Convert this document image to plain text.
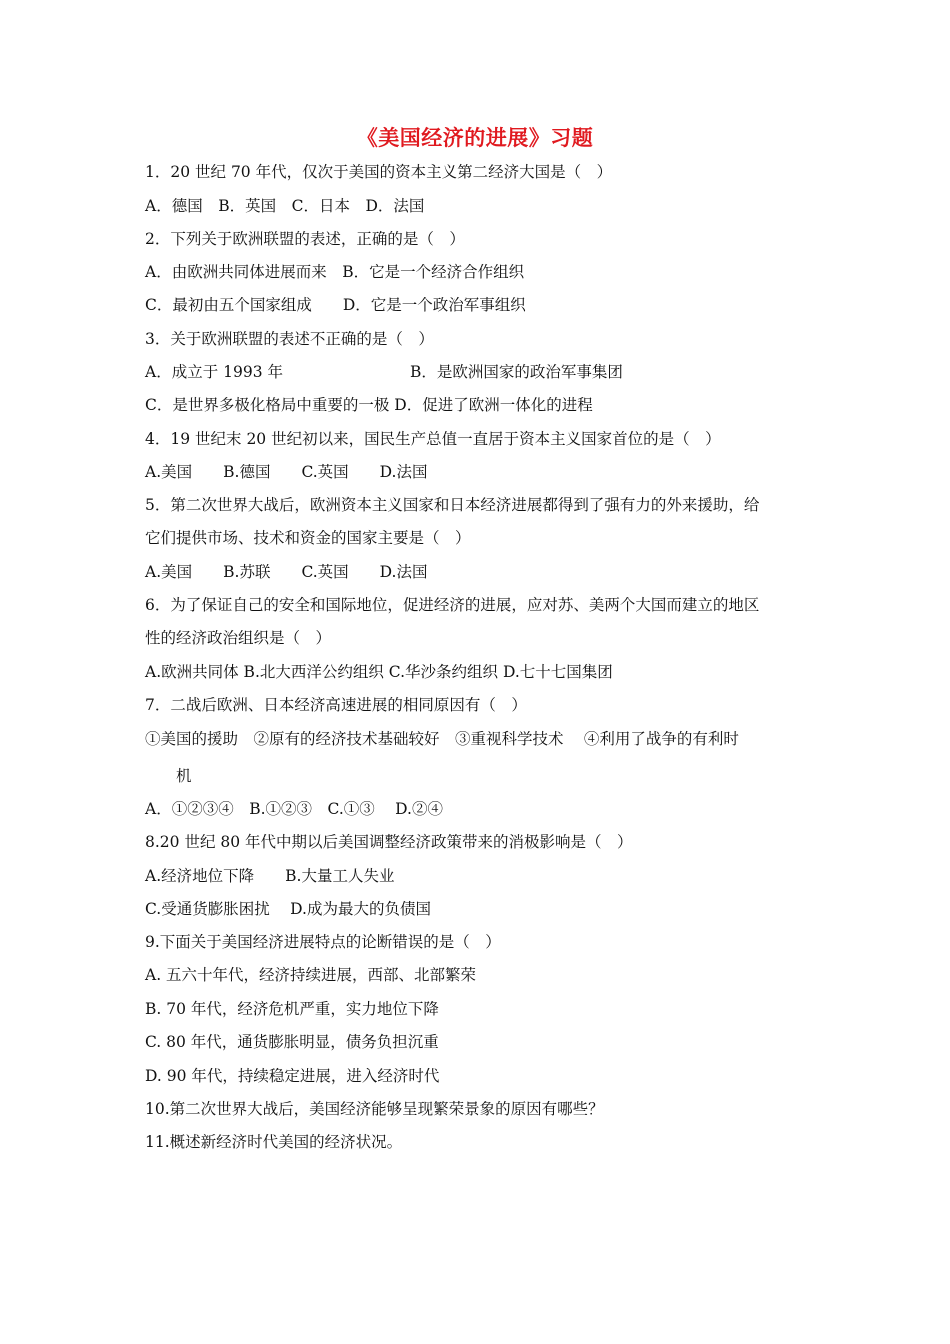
《美国经济的进展》习题
1．20 世纪 70 年代，仅次于美国的资本主义第二经济大国是（　）
A．德国　B．英国　C．日本　D．法国
2．下列关于欧洲联盟的表述，正确的是（　）
A．由欧洲共同体进展而来　B．它是一个经济合作组织
C．最初由五个国家组成　　D．它是一个政治军事组织
3．关于欧洲联盟的表述不正确的是（　）
A．成立于 1993 年	B．是欧洲国家的政治军事集团
C．是世界多极化格局中重要的一极 D．促进了欧洲一体化的进程
4．19 世纪末 20 世纪初以来，国民生产总值一直居于资本主义国家首位的是（　）
A.美国　　B.德国　　C.英国　　D.法国
5．第二次世界大战后，欧洲资本主义国家和日本经济进展都得到了强有力的外来援助，给
它们提供市场、技术和资金的国家主要是（　）
A.美国　　B.苏联　　C.英国　　D.法国
6．为了保证自己的安全和国际地位，促进经济的进展，应对苏、美两个大国而建立的地区
性的经济政治组织是（　）
A.欧洲共同体 B.北大西洋公约组织 C.华沙条约组织 D.七十七国集团
7．二战后欧洲、日本经济高速进展的相同原因有（　）
①美国的援助　②原有的经济技术基础较好　③重视科学技术　 ④利用了战争的有利时
机
A．①②③④　B.①②③　C.①③　 D.②④
8.20 世纪 80 年代中期以后美国调整经济政策带来的消极影响是（　）
A.经济地位下降　　B.大量工人失业
C.受通货膨胀困扰　 D.成为最大的负债国
9.下面关于美国经济进展特点的论断错误的是（　）
A. 五六十年代，经济持续进展，西部、北部繁荣
B. 70 年代，经济危机严重，实力地位下降
C. 80 年代，通货膨胀明显，债务负担沉重
D. 90 年代，持续稳定进展，进入经济时代
10.第二次世界大战后，美国经济能够呈现繁荣景象的原因有哪些？
11.概述新经济时代美国的经济状况。
